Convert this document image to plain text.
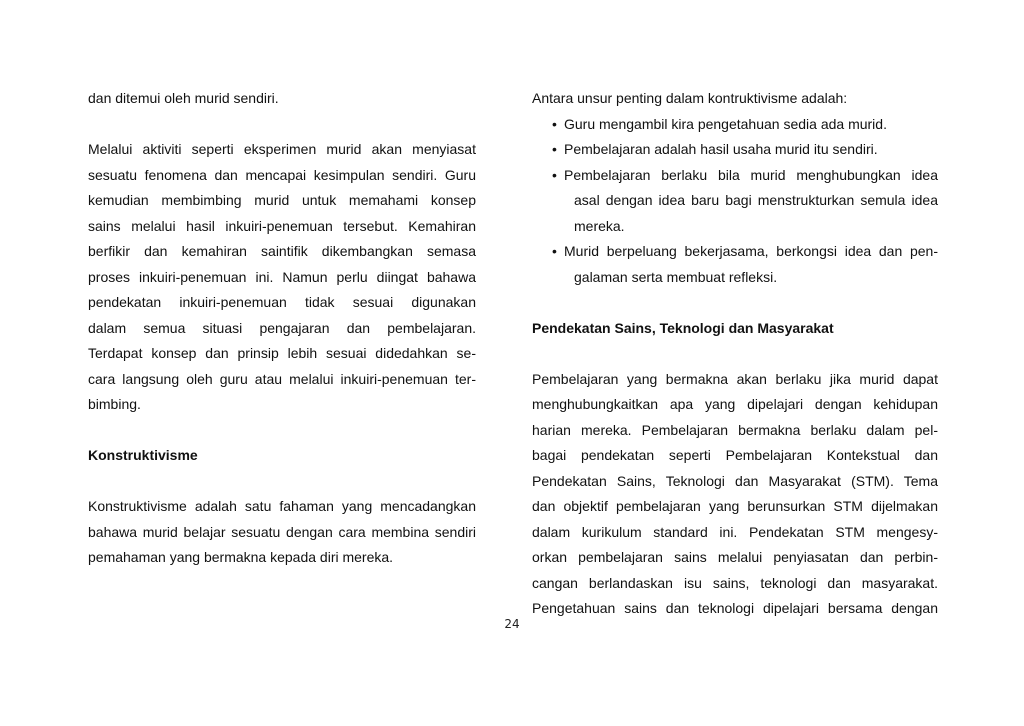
dan ditemui oleh murid sendiri.
Melalui aktiviti seperti eksperimen murid akan menyiasat
sesuatu fenomena dan mencapai kesimpulan sendiri. Guru
kemudian membimbing murid untuk memahami konsep
sains melalui hasil inkuiri-penemuan tersebut. Kemahiran
berfikir dan kemahiran saintifik dikembangkan semasa
proses inkuiri-penemuan ini. Namun perlu diingat bahawa
pendekatan inkuiri-penemuan tidak sesuai digunakan
dalam semua situasi pengajaran dan pembelajaran.
Terdapat konsep dan prinsip lebih sesuai didedahkan se-
cara langsung oleh guru atau melalui inkuiri-penemuan ter-
bimbing.
Konstruktivisme
Konstruktivisme adalah satu fahaman yang mencadangkan
bahawa murid belajar sesuatu dengan cara membina sendiri
pemahaman yang bermakna kepada diri mereka.
Antara unsur penting dalam kontruktivisme adalah:
• Guru mengambil kira pengetahuan sedia ada murid.
• Pembelajaran adalah hasil usaha murid itu sendiri.
• Pembelajaran berlaku bila murid menghubungkan idea
asal dengan idea baru bagi menstrukturkan semula idea
mereka.
• Murid berpeluang bekerjasama, berkongsi idea dan pen-
galaman serta membuat refleksi.
Pendekatan Sains, Teknologi dan Masyarakat
Pembelajaran yang bermakna akan berlaku jika murid dapat
menghubungkaitkan apa yang dipelajari dengan kehidupan
harian mereka. Pembelajaran bermakna berlaku dalam pel-
bagai pendekatan seperti Pembelajaran Kontekstual dan
Pendekatan Sains, Teknologi dan Masyarakat (STM). Tema
dan objektif pembelajaran yang berunsurkan STM dijelmakan
dalam kurikulum standard ini. Pendekatan STM mengesy-
orkan pembelajaran sains melalui penyiasatan dan perbin-
cangan berlandaskan isu sains, teknologi dan masyarakat.
Pengetahuan sains dan teknologi dipelajari bersama dengan
24
